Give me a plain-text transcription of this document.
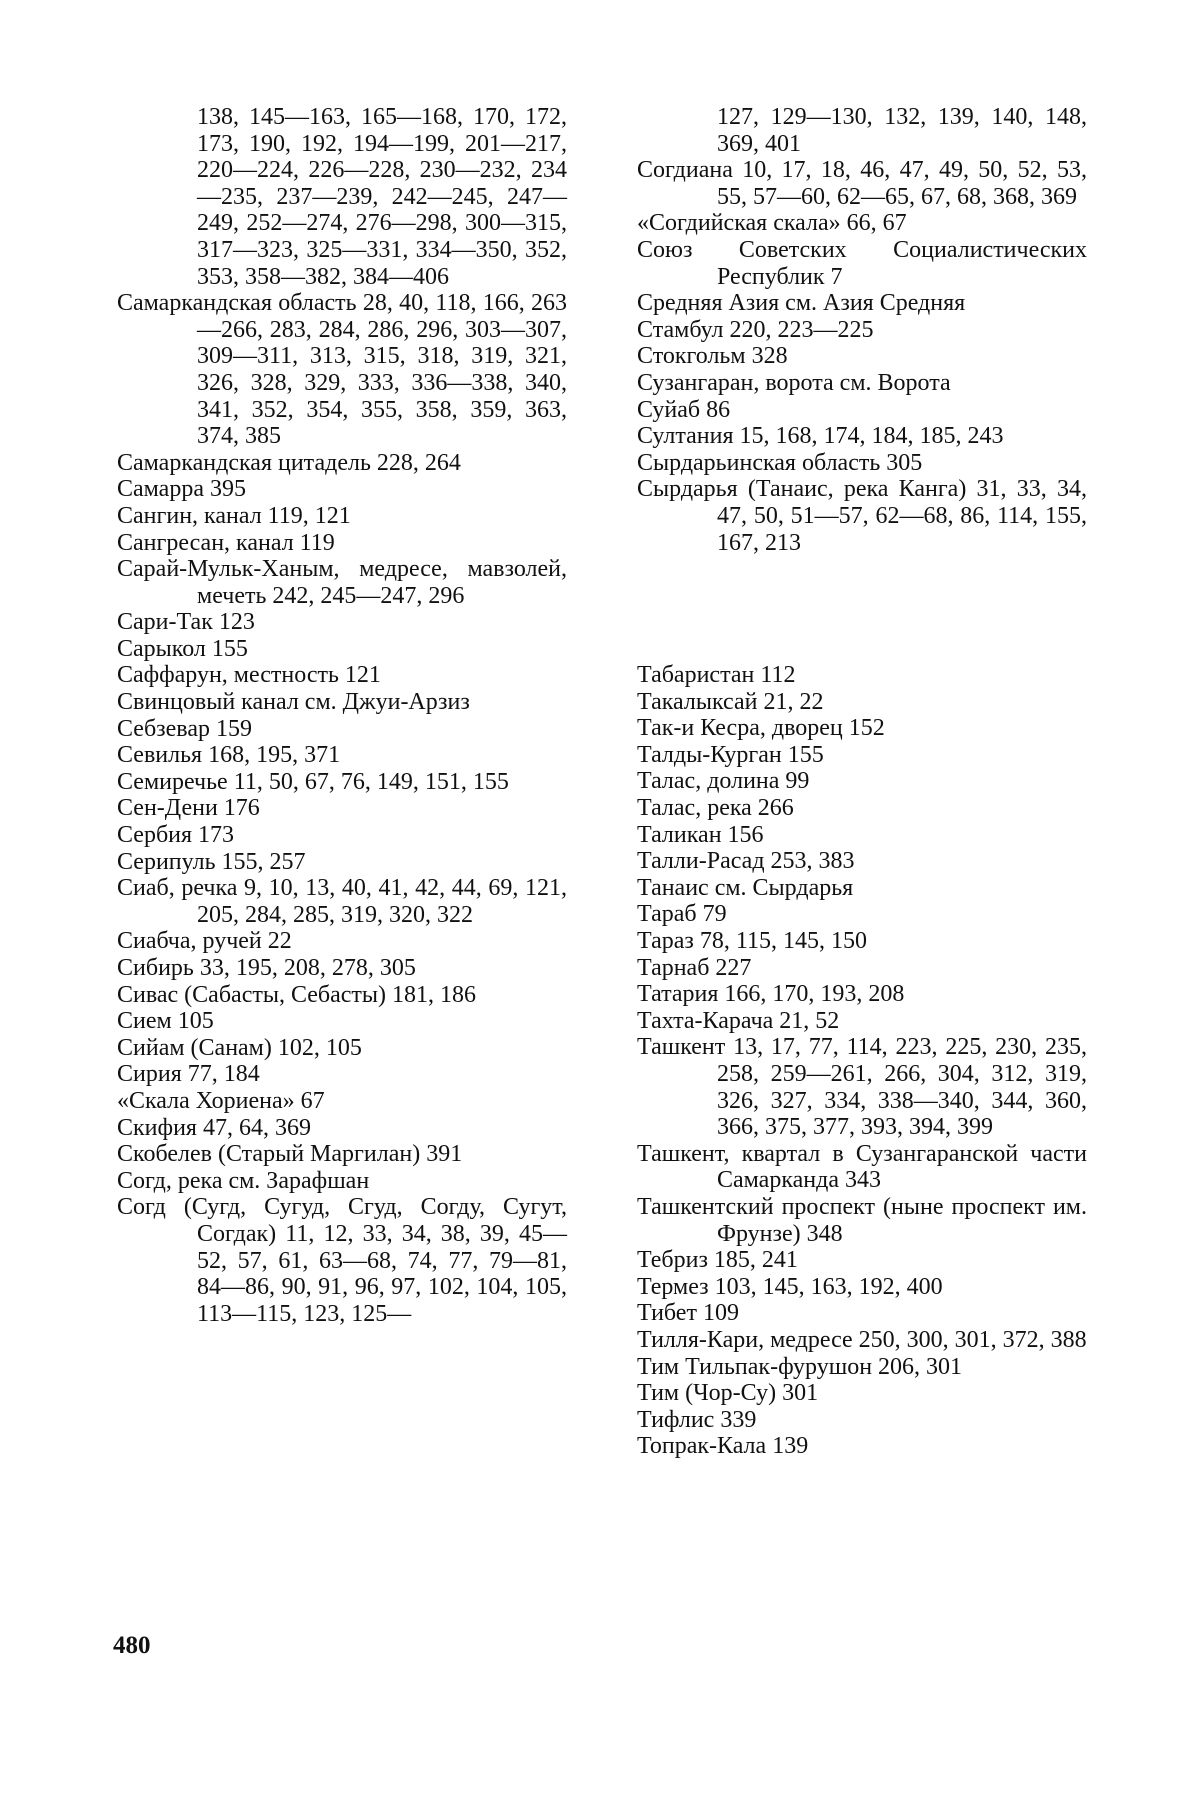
138, 145—163, 165—168, 170, 172, 173, 190, 192, 194—199, 201—217, 220—224, 226—228, 230—232, 234—235, 237—239, 242—245, 247—249, 252—274, 276—298, 300—315, 317—323, 325—331, 334—350, 352, 353, 358—382, 384—406

Самаркандская область 28, 40, 118, 166, 263—266, 283, 284, 286, 296, 303—307, 309—311, 313, 315, 318, 319, 321, 326, 328, 329, 333, 336—338, 340, 341, 352, 354, 355, 358, 359, 363, 374, 385

Самаркандская цитадель 228, 264

Самарра 395

Сангин, канал 119, 121

Сангресан, канал 119

Сарай-Мульк-Ханым, медресе, мавзолей, мечеть 242, 245—247, 296

Сари-Так 123

Сарыкол 155

Саффарун, местность 121

Свинцовый канал см. Джуи-Арзиз

Себзевар 159

Севилья 168, 195, 371

Семиречье 11, 50, 67, 76, 149, 151, 155

Сен-Дени 176

Сербия 173

Серипуль 155, 257

Сиаб, речка 9, 10, 13, 40, 41, 42, 44, 69, 121, 205, 284, 285, 319, 320, 322

Сиабча, ручей 22

Сибирь 33, 195, 208, 278, 305

Сивас (Сабасты, Себасты) 181, 186

Сием 105

Сийам (Санам) 102, 105

Сирия 77, 184

«Скала Хориена» 67

Скифия 47, 64, 369

Скобелев (Старый Маргилан) 391

Согд, река см. Зарафшан

Согд (Сугд, Сугуд, Сгуд, Согду, Сугут, Согдак) 11, 12, 33, 34, 38, 39, 45—52, 57, 61, 63—68, 74, 77, 79—81, 84—86, 90, 91, 96, 97, 102, 104, 105, 113—115, 123, 125—

127, 129—130, 132, 139, 140, 148, 369, 401

Согдиана 10, 17, 18, 46, 47, 49, 50, 52, 53, 55, 57—60, 62—65, 67, 68, 368, 369

«Согдийская скала» 66, 67

Союз Советских Социалистических Республик 7

Средняя Азия см. Азия Средняя

Стамбул 220, 223—225

Стокгольм 328

Сузангаран, ворота см. Ворота

Суйаб 86

Султания 15, 168, 174, 184, 185, 243

Сырдарьинская область 305

Сырдарья (Танаис, река Канга) 31, 33, 34, 47, 50, 51—57, 62—68, 86, 114, 155, 167, 213

Табаристан 112

Такалыксай 21, 22

Так-и Кесра, дворец 152

Талды-Курган 155

Талас, долина 99

Талас, река 266

Таликан 156

Талли-Расад 253, 383

Танаис см. Сырдарья

Тараб 79

Тараз 78, 115, 145, 150

Тарнаб 227

Татария 166, 170, 193, 208

Тахта-Карача 21, 52

Ташкент 13, 17, 77, 114, 223, 225, 230, 235, 258, 259—261, 266, 304, 312, 319, 326, 327, 334, 338—340, 344, 360, 366, 375, 377, 393, 394, 399

Ташкент, квартал в Сузангаранской части Самарканда 343

Ташкентский проспект (ныне проспект им. Фрунзе) 348

Тебриз 185, 241

Термез 103, 145, 163, 192, 400

Тибет 109

Тилля-Кари, медресе 250, 300, 301, 372, 388

Тим Тильпак-фурушон 206, 301

Тим (Чор-Су) 301

Тифлис 339

Топрак-Кала 139

480
